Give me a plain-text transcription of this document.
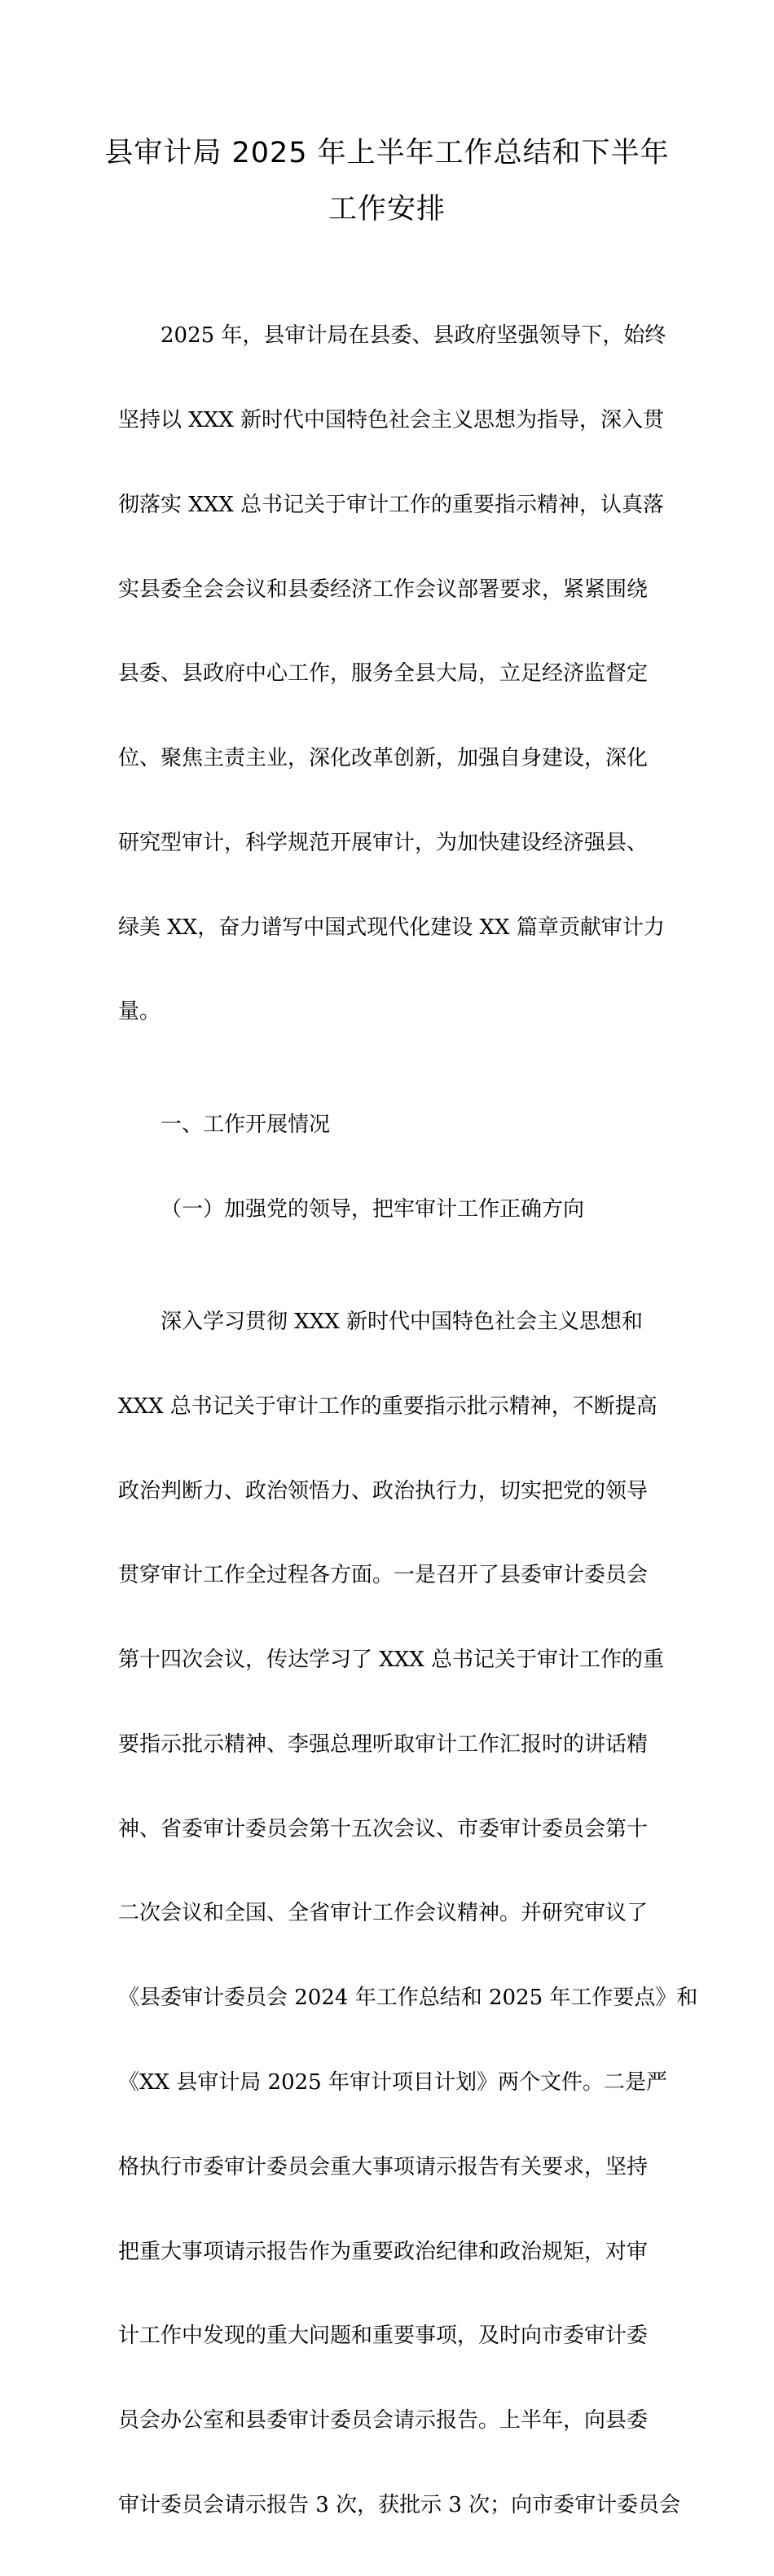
县审计局 2025 年上半年工作总结和下半年
工作安排

2025 年，县审计局在县委、县政府坚强领导下，始终

坚持以 XXX 新时代中国特色社会主义思想为指导，深入贯

彻落实 XXX 总书记关于审计工作的重要指示精神，认真落

实县委全会会议和县委经济工作会议部署要求，紧紧围绕

县委、县政府中心工作，服务全县大局，立足经济监督定

位、聚焦主责主业，深化改革创新，加强自身建设，深化

研究型审计，科学规范开展审计，为加快建设经济强县、

绿美 XX，奋力谱写中国式现代化建设 XX 篇章贡献审计力

量。

一、工作开展情况

（一）加强党的领导，把牢审计工作正确方向

深入学习贯彻 XXX 新时代中国特色社会主义思想和

XXX 总书记关于审计工作的重要指示批示精神，不断提高

政治判断力、政治领悟力、政治执行力，切实把党的领导

贯穿审计工作全过程各方面。一是召开了县委审计委员会

第十四次会议，传达学习了 XXX 总书记关于审计工作的重

要指示批示精神、李强总理听取审计工作汇报时的讲话精

神、省委审计委员会第十五次会议、市委审计委员会第十

二次会议和全国、全省审计工作会议精神。并研究审议了

《县委审计委员会 2024 年工作总结和 2025 年工作要点》和

《XX 县审计局 2025 年审计项目计划》两个文件。二是严

格执行市委审计委员会重大事项请示报告有关要求，坚持

把重大事项请示报告作为重要政治纪律和政治规矩，对审

计工作中发现的重大问题和重要事项，及时向市委审计委

员会办公室和县委审计委员会请示报告。上半年，向县委

审计委员会请示报告 3 次，获批示 3 次；向市委审计委员会
